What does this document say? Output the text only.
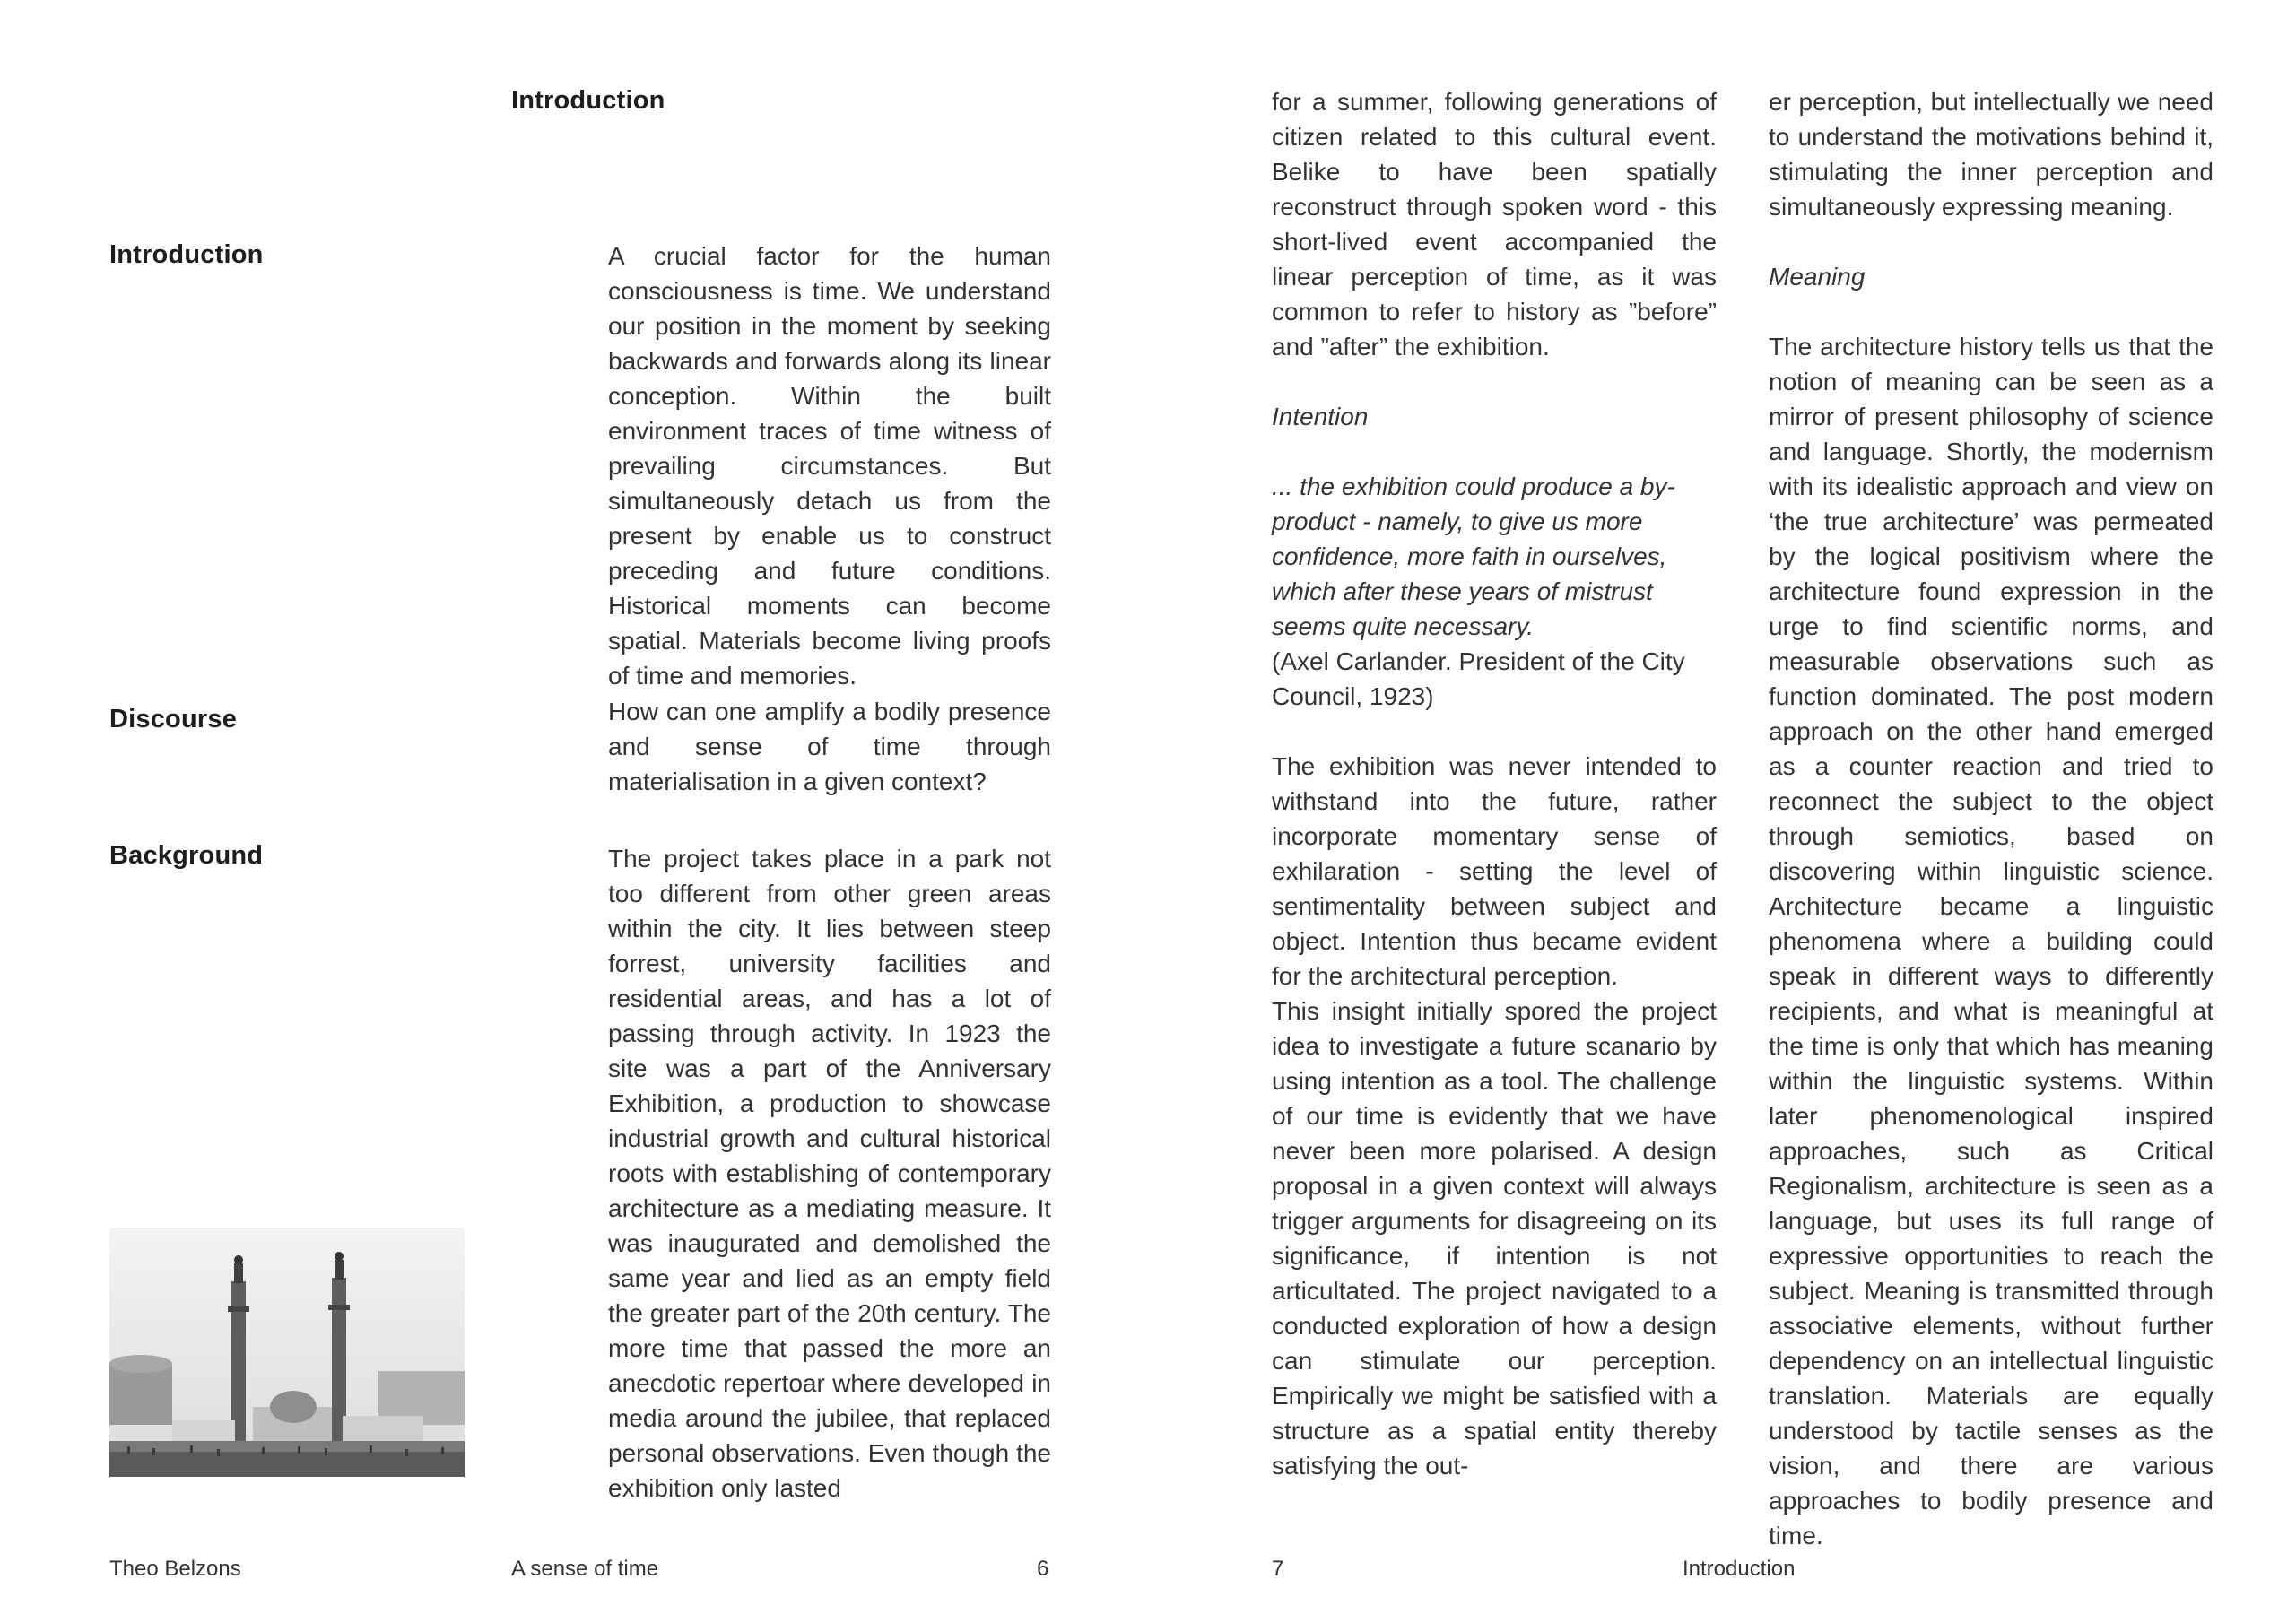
Introduction
Introduction
Discourse
Background
A crucial factor for the human consciousness is time. We understand our position in the moment by seeking backwards and forwards along its linear conception. Within the built environment traces of time witness of prevailing circumstances. But simultaneously detach us from the present by enable us to construct preceding and future conditions. Historical moments can become spatial. Materials become living proofs of time and memories.
How can one amplify a bodily presence and sense of time through materialisation in a given context?
The project takes place in a park not too different from other green areas within the city. It lies between steep forrest, university facilities and residential areas, and has a lot of passing through activity. In 1923 the site was a part of the Anniversary Exhibition, a production to showcase industrial growth and cultural historical roots with establishing of contemporary architecture as a mediating measure. It was inaugurated and demolished the same year and lied as an empty field the greater part of the 20th century. The more time that passed the more an anecdotic repertoar where developed in media around the jubilee, that replaced personal observations. Even though the exhibition only lasted
Theo Belzons	A sense of time	6
for a summer, following generations of citizen related to this cultural event. Belike to have been spatially reconstruct through spoken word - this short-lived event accompanied the linear perception of time, as it was common to refer to history as ”before” and ”after” the exhibition.
Intention
... the exhibition could produce a by-product - namely, to give us more confidence, more faith in ourselves, which after these years of mistrust seems quite necessary.
(Axel Carlander. President of the City Council, 1923)
The exhibition was never intended to withstand into the future, rather incorporate momentary sense of exhilaration - setting the level of sentimentality between subject and object. Intention thus became evident for the architectural perception.
This insight initially spored the project idea to investigate a future scanario by using intention as a tool. The challenge of our time is evidently that we have never been more polarised. A design proposal in a given context will always trigger arguments for disagreeing on its significance, if intention is not articultated. The project navigated to a conducted exploration of how a design can stimulate our perception. Empirically we might be satisfied with a structure as a spatial entity thereby satisfying the out-
er perception, but intellectually we need to understand the motivations behind it, stimulating the inner perception and simultaneously expressing meaning.
Meaning
The architecture history tells us that the notion of meaning can be seen as a mirror of present philosophy of science and language. Shortly, the modernism with its idealistic approach and view on ‘the true architecture’ was permeated by the logical positivism where the architecture found expression in the urge to find scientific norms, and measurable observations such as function dominated. The post modern approach on the other hand emerged as a counter reaction and tried to reconnect the subject to the object through semiotics, based on discovering within linguistic science. Architecture became a linguistic phenomena where a building could speak in different ways to differently recipients, and what is meaningful at the time is only that which has meaning within the linguistic systems. Within later phenomenological inspired approaches, such as Critical Regionalism, architecture is seen as a language, but uses its full range of expressive opportunities to reach the subject. Meaning is transmitted through associative elements, without further dependency on an intellectual linguistic translation. Materials are equally understood by tactile senses as the vision, and there are various approaches to bodily presence and time.
7	Introduction
